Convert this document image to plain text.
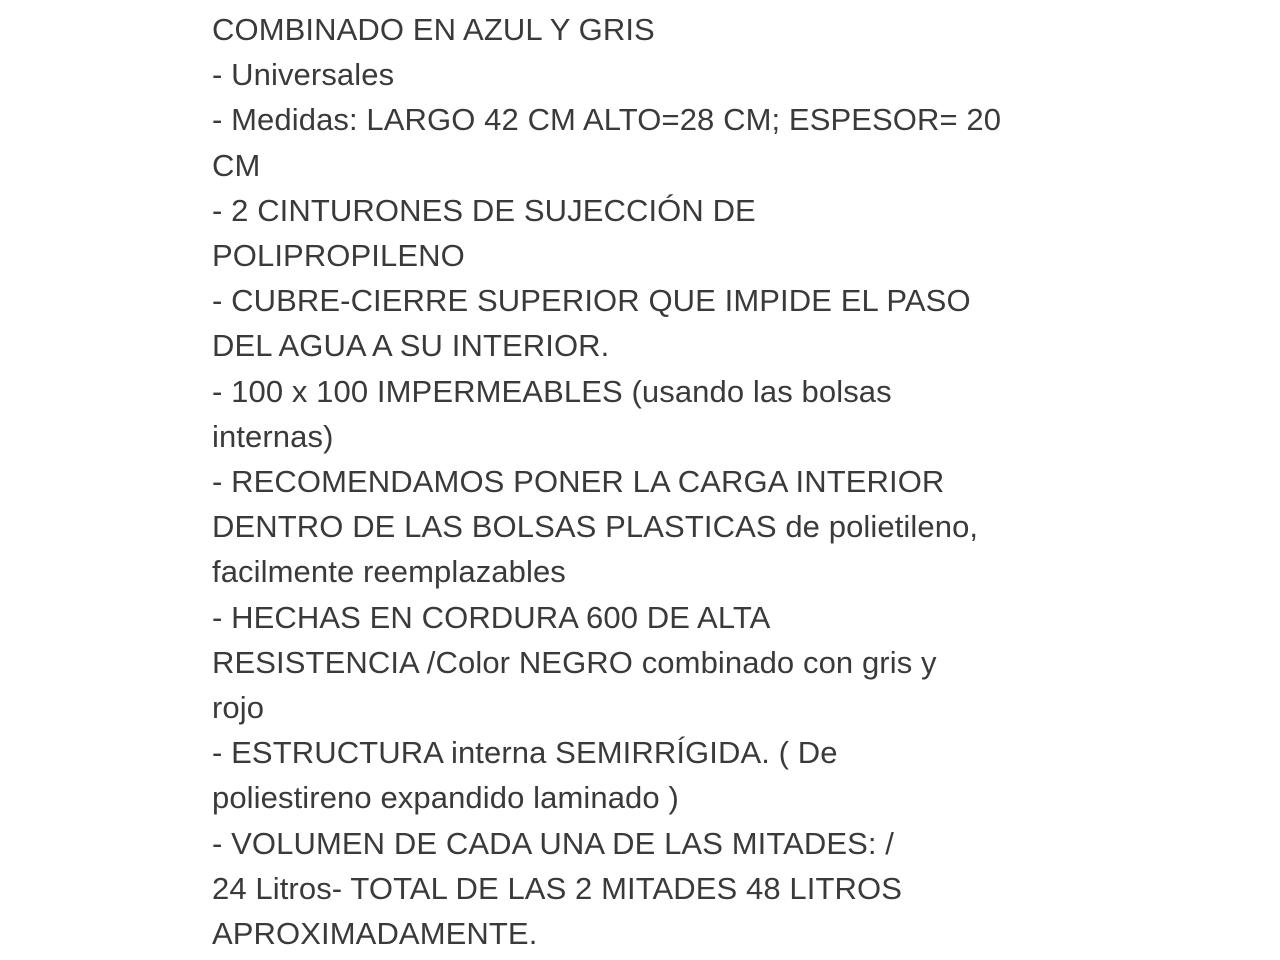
COMBINADO EN AZUL Y GRIS
- Universales
- Medidas: LARGO 42 CM ALTO=28 CM; ESPESOR= 20
CM
- 2 CINTURONES DE SUJECCIÓN DE
POLIPROPILENO
- CUBRE-CIERRE SUPERIOR QUE IMPIDE EL PASO
DEL AGUA A SU INTERIOR.
- 100 x 100 IMPERMEABLES (usando las bolsas
internas)
- RECOMENDAMOS PONER LA CARGA INTERIOR
DENTRO DE LAS BOLSAS PLASTICAS de polietileno,
facilmente reemplazables
- HECHAS EN CORDURA 600 DE ALTA
RESISTENCIA /Color NEGRO combinado con gris y
rojo
- ESTRUCTURA interna SEMIRRÍGIDA. ( De
poliestireno expandido laminado )
- VOLUMEN DE CADA UNA DE LAS MITADES: /
24 Litros- TOTAL DE LAS 2 MITADES 48 LITROS
APROXIMADAMENTE.
